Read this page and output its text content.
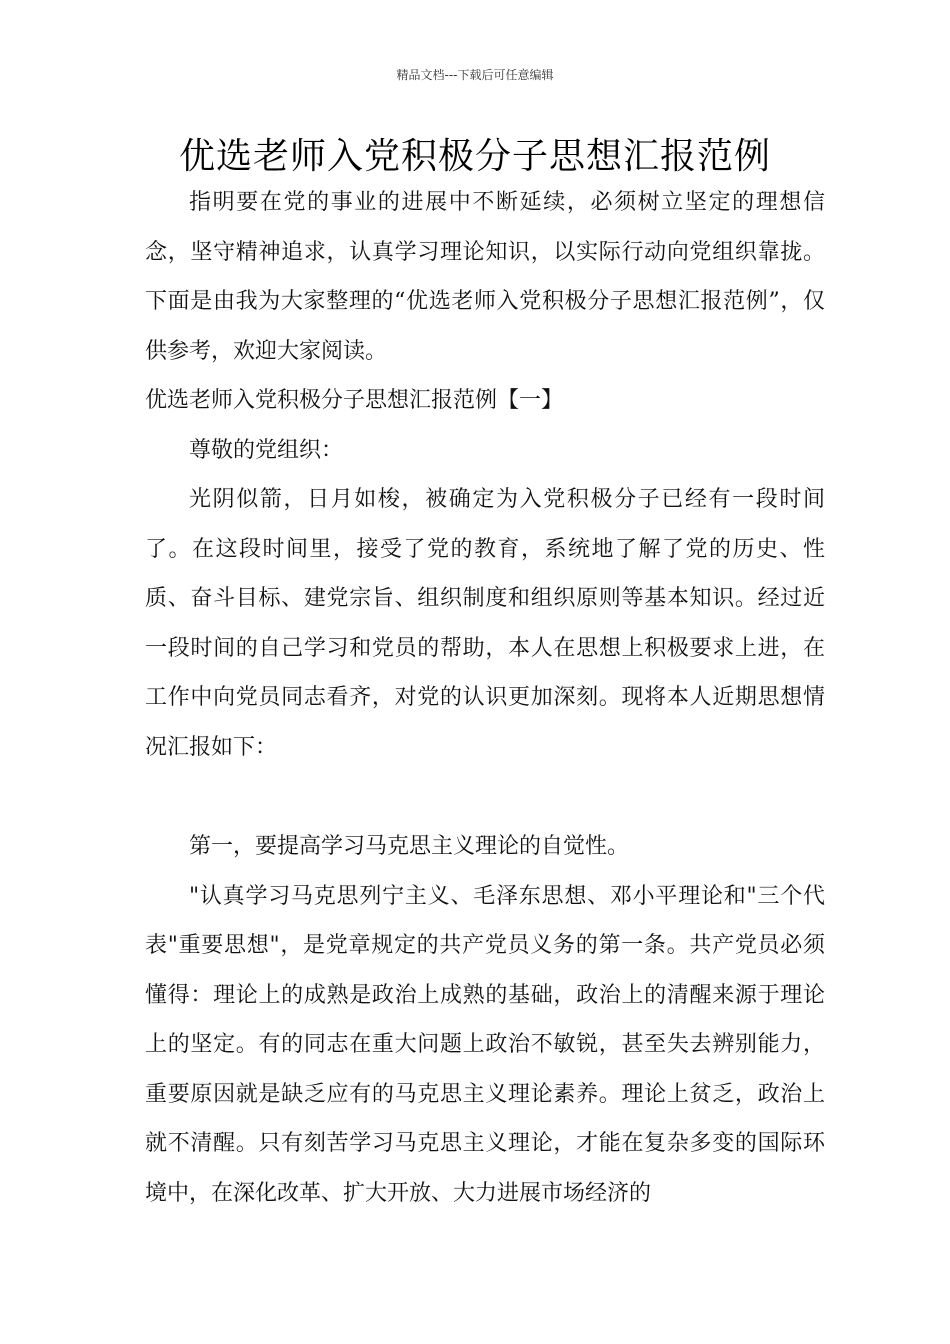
精品文档---下载后可任意编辑
优选老师入党积极分子思想汇报范例

指明要在党的事业的进展中不断延续，必须树立坚定的理想信念，坚守精神追求，认真学习理论知识，以实际行动向党组织靠拢。下面是由我为大家整理的“优选老师入党积极分子思想汇报范例”，仅供参考，欢迎大家阅读。

优选老师入党积极分子思想汇报范例【一】

尊敬的党组织：

光阴似箭，日月如梭，被确定为入党积极分子已经有一段时间了。在这段时间里，接受了党的教育，系统地了解了党的历史、性质、奋斗目标、建党宗旨、组织制度和组织原则等基本知识。经过近一段时间的自己学习和党员的帮助，本人在思想上积极要求上进，在工作中向党员同志看齐，对党的认识更加深刻。现将本人近期思想情况汇报如下：

第一，要提高学习马克思主义理论的自觉性。

"认真学习马克思列宁主义、毛泽东思想、邓小平理论和"三个代表"重要思想"，是党章规定的共产党员义务的第一条。共产党员必须懂得：理论上的成熟是政治上成熟的基础，政治上的清醒来源于理论上的坚定。有的同志在重大问题上政治不敏锐，甚至失去辨别能力，重要原因就是缺乏应有的马克思主义理论素养。理论上贫乏，政治上就不清醒。只有刻苦学习马克思主义理论，才能在复杂多变的国际环境中，在深化改革、扩大开放、大力进展市场经济的
